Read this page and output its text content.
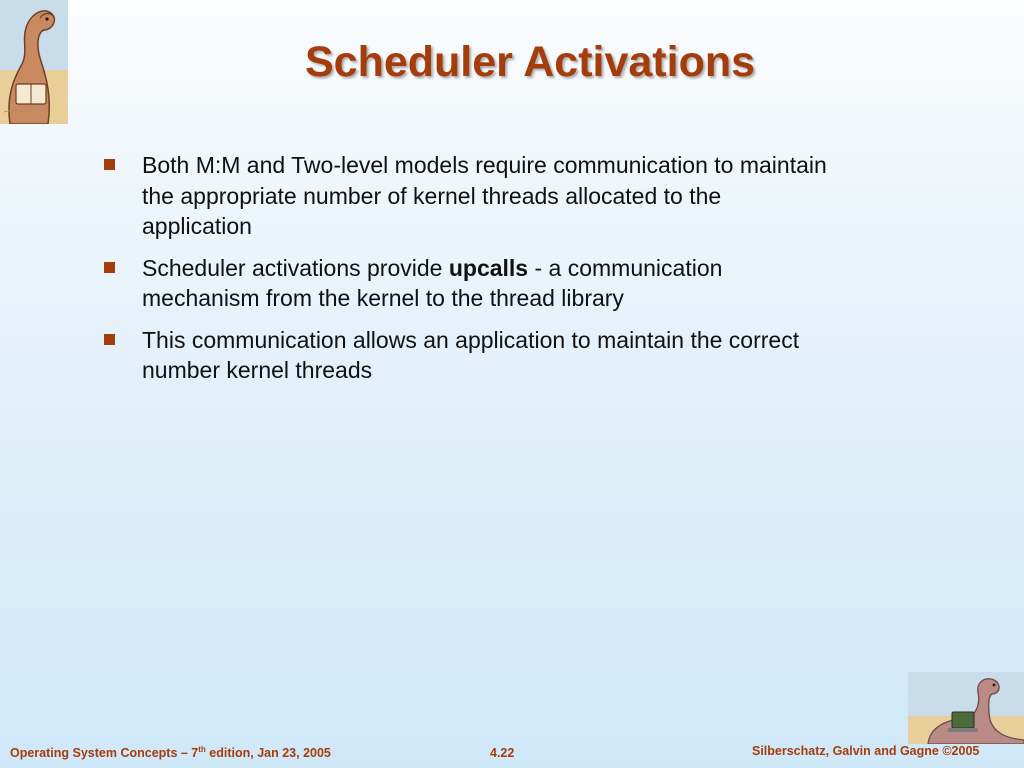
Scheduler Activations
Both M:M and Two-level models require communication to maintain the appropriate number of kernel threads allocated to the application
Scheduler activations provide upcalls - a communication mechanism from the kernel to the thread library
This communication allows an application to maintain the correct number kernel threads
Operating System Concepts – 7th edition, Jan 23, 2005	4.22	Silberschatz, Galvin and Gagne ©2005
